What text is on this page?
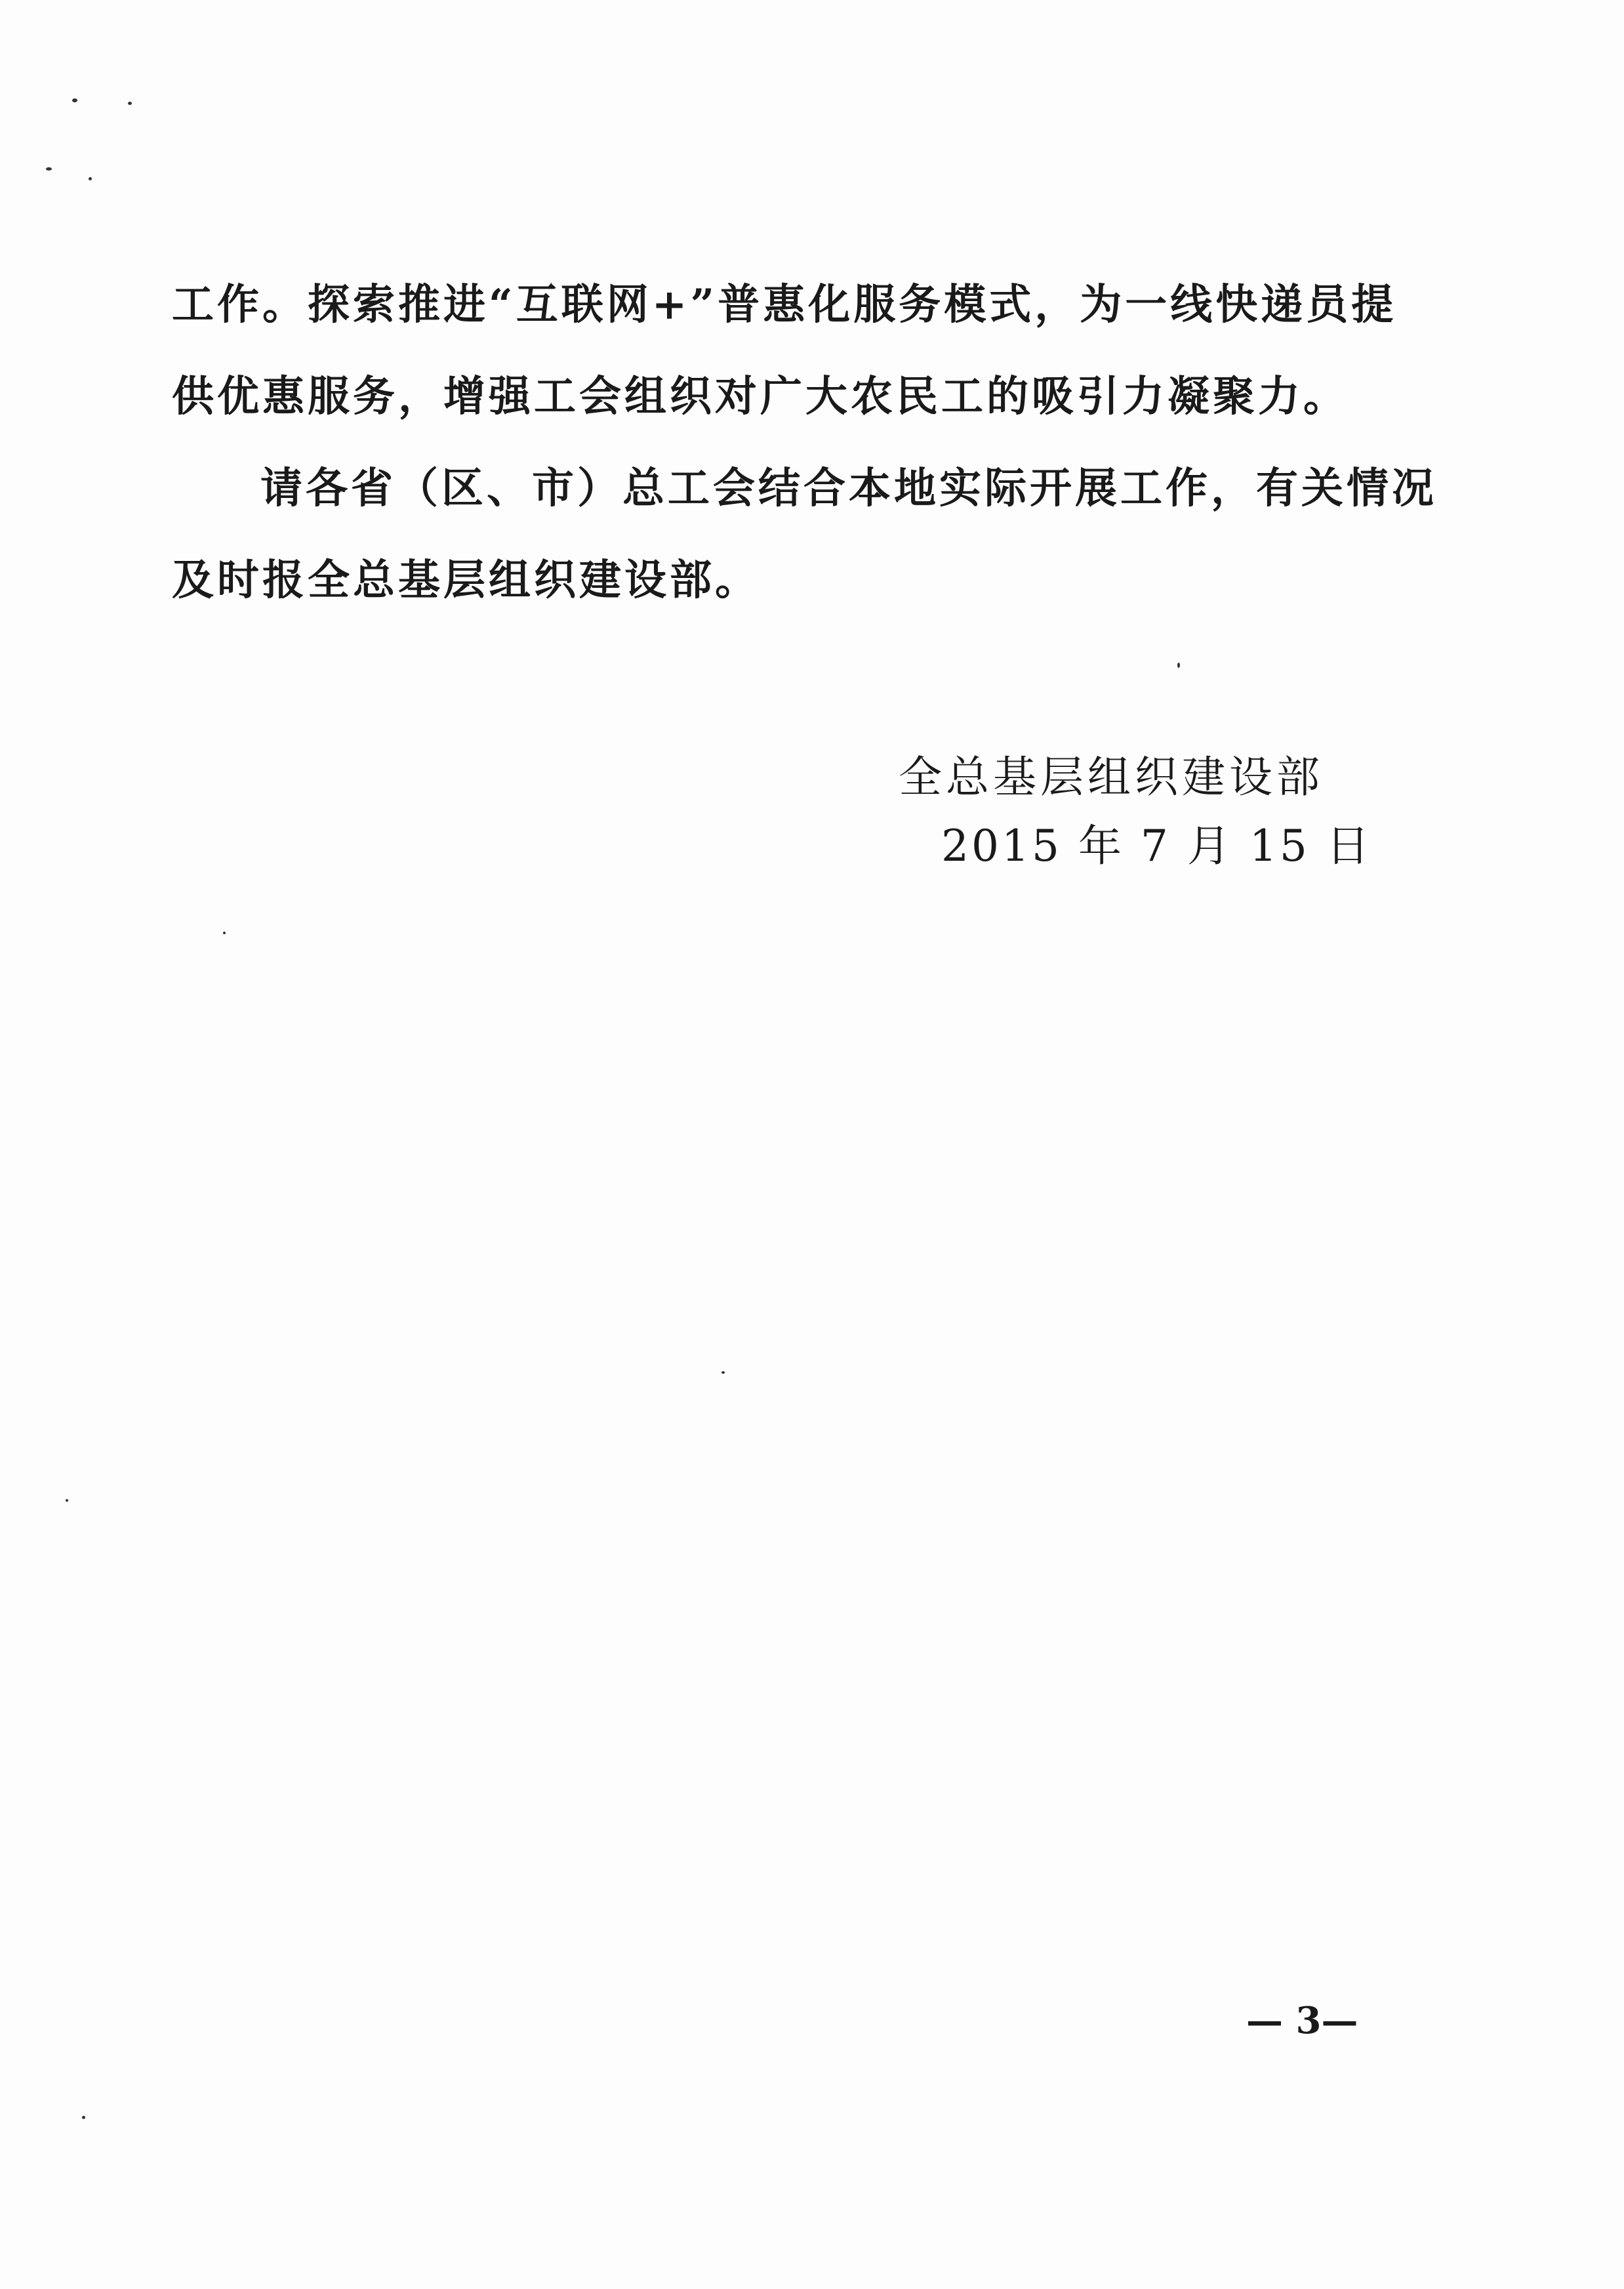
工作。探索推进“互联网+”普惠化服务模式，为一线快递员提

供优惠服务，增强工会组织对广大农民工的吸引力凝聚力。

请各省（区、市）总工会结合本地实际开展工作，有关情况

及时报全总基层组织建设部。

全总基层组织建设部
2015 年 7 月 15 日
— 3—
